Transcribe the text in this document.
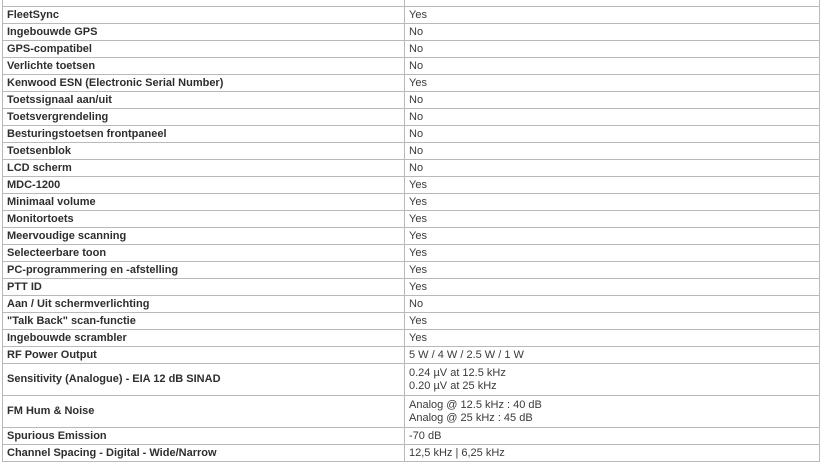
FleetSync	Yes

Ingebouwde GPS	No

GPS-compatibel	No

Verlichte toetsen	No

Kenwood ESN (Electronic Serial Number)	Yes

Toetssignaal aan/uit	No

Toetsvergrendeling	No

Besturingstoetsen frontpaneel	No

Toetsenblok	No

LCD scherm	No

MDC-1200	Yes

Minimaal volume	Yes

Monitortoets	Yes

Meervoudige scanning	Yes

Selecteerbare toon	Yes

PC-programmering en -afstelling	Yes

PTT ID	Yes

Aan / Uit schermverlichting	No

"Talk Back" scan-functie	Yes

Ingebouwde scrambler	Yes

RF Power Output	5 W / 4 W / 2.5 W / 1 W

Sensitivity (Analogue) - EIA 12 dB SINAD	0.24 µV at 12.5 kHz
0.20 µV at 25 kHz

FM Hum & Noise	Analog @ 12.5 kHz : 40 dB
Analog @ 25 kHz : 45 dB

Spurious Emission	-70 dB

Channel Spacing - Digital - Wide/Narrow	12,5 kHz | 6,25 kHz
